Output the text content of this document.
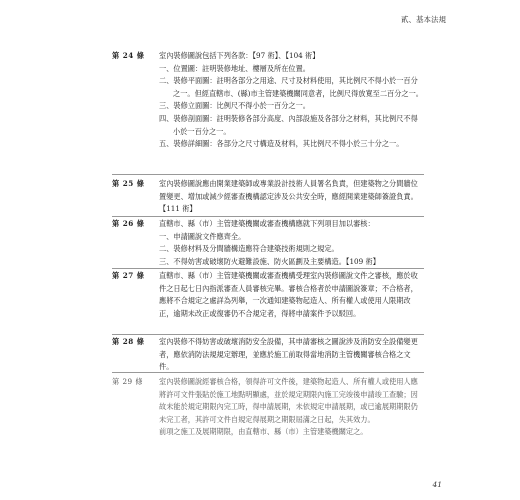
貳、基本法規
第 24 條	室內裝修圖說包括下列各款：【97 術】、【104 術】

一、位置圖：註明裝修地址、樓層及所在位置。

二、裝修平面圖：註明各部分之用途、尺寸及材料使用，其比例尺不得小於一百分之一。但經直轄市、(縣)市主管建築機關同意者，比例尺得放寬至二百分之一。

三、裝修立面圖：比例尺不得小於一百分之一。

四、裝修剖面圖：註明裝修各部分高度、內部設施及各部分之材料，其比例尺不得小於一百分之一。

五、裝修詳細圖：各部分之尺寸構造及材料，其比例尺不得小於三十分之一。

第 25 條	室內裝修圖說應由開業建築師或專業設計技術人員署名負責，但建築物之分間牆位置變更、增加或減少經審查機構認定涉及公共安全時，應經開業建築師簽證負責。【111 術】

第 26 條	直轄市、縣（市）主管建築機關或審查機構應就下列項目加以審核：

一、申請圖說文件應齊全。

二、裝修材料及分間牆構造應符合建築技術規則之規定。

三、不得妨害或破壞防火避難設施、防火區劃及主要構造。【109 術】

第 27 條	直轄市、縣（市）主管建築機關或審查機構受理室內裝修圖說文件之審核，應於收件之日起七日內指派審查人員審核完畢。審核合格者於申請圖說簽章；不合格者，應將不合規定之處詳為列舉，一次通知建築物起造人、所有權人或使用人限期改正，逾期未改正或復審仍不合規定者，得將申請案件予以駁回。

第 28 條	室內裝修不得妨害或破壞消防安全設備，其申請審核之圖說涉及消防安全設備變更者，應依消防法規規定辦理，並應於施工前取得當地消防主管機關審核合格之文件。

第 29 條	室內裝修圖說經審核合格，領得許可文件後，建築物起造人、所有權人或使用人應將許可文件張貼於施工地點明顯處，並於規定期限內施工完竣後申請竣工查驗；因故未能於規定期限內完工時，得申請展期，未依規定申請展期，或已逾展期期限仍未完工者，其許可文件自規定得展期之期限屆滿之日起，失其效力。

前項之施工及展期期限，由直轄市、縣（市）主管建築機關定之。

41
